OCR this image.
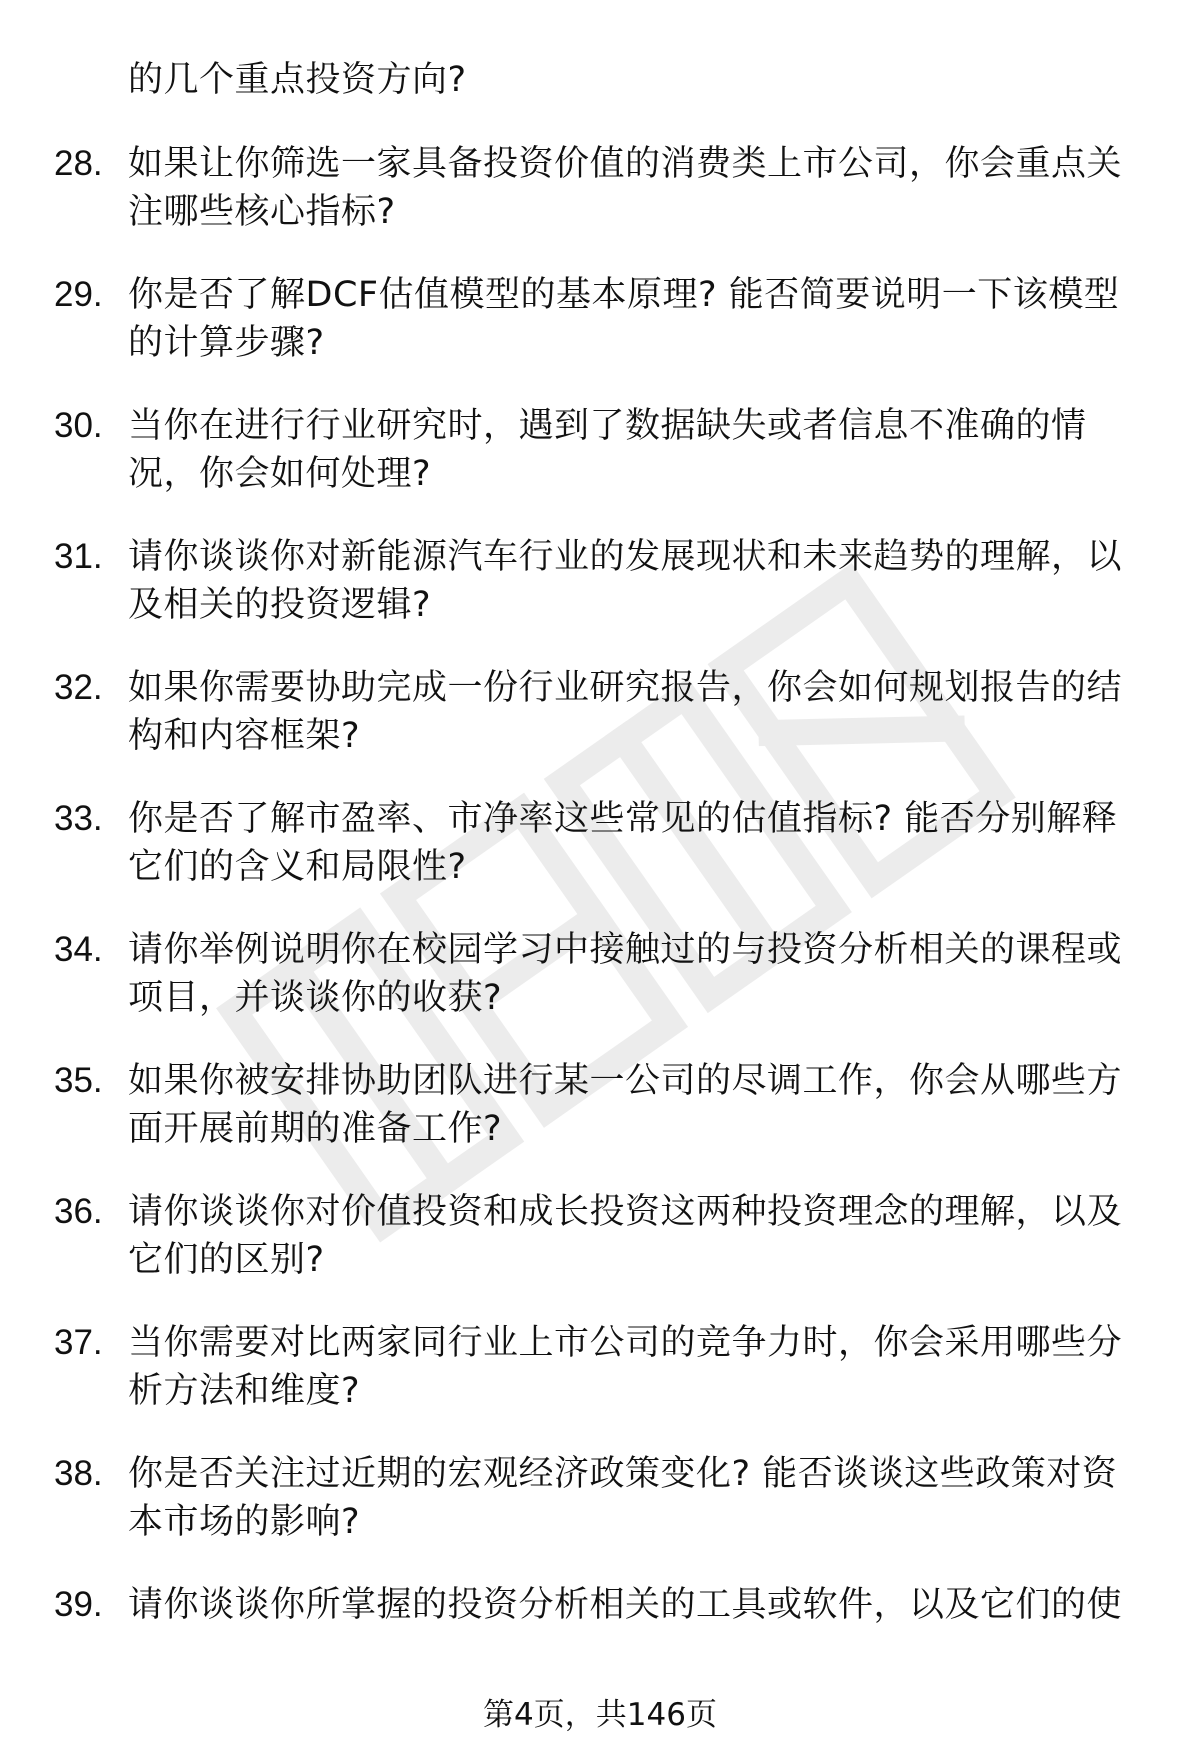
的几个重点投资方向?
28. 如果让你筛选一家具备投资价值的消费类上市公司，你会重点关注哪些核心指标?
29. 你是否了解DCF估值模型的基本原理? 能否简要说明一下该模型的计算步骤?
30. 当你在进行行业研究时，遇到了数据缺失或者信息不准确的情况，你会如何处理?
31. 请你谈谈你对新能源汽车行业的发展现状和未来趋势的理解，以及相关的投资逻辑?
32. 如果你需要协助完成一份行业研究报告，你会如何规划报告的结构和内容框架?
33. 你是否了解市盈率、市净率这些常见的估值指标? 能否分别解释它们的含义和局限性?
34. 请你举例说明你在校园学习中接触过的与投资分析相关的课程或项目，并谈谈你的收获?
35. 如果你被安排协助团队进行某一公司的尽调工作，你会从哪些方面开展前期的准备工作?
36. 请你谈谈你对价值投资和成长投资这两种投资理念的理解，以及它们的区别?
37. 当你需要对比两家同行业上市公司的竞争力时，你会采用哪些分析方法和维度?
38. 你是否关注过近期的宏观经济政策变化? 能否谈谈这些政策对资本市场的影响?
39. 请你谈谈你所掌握的投资分析相关的工具或软件，以及它们的使
第4页，共146页
